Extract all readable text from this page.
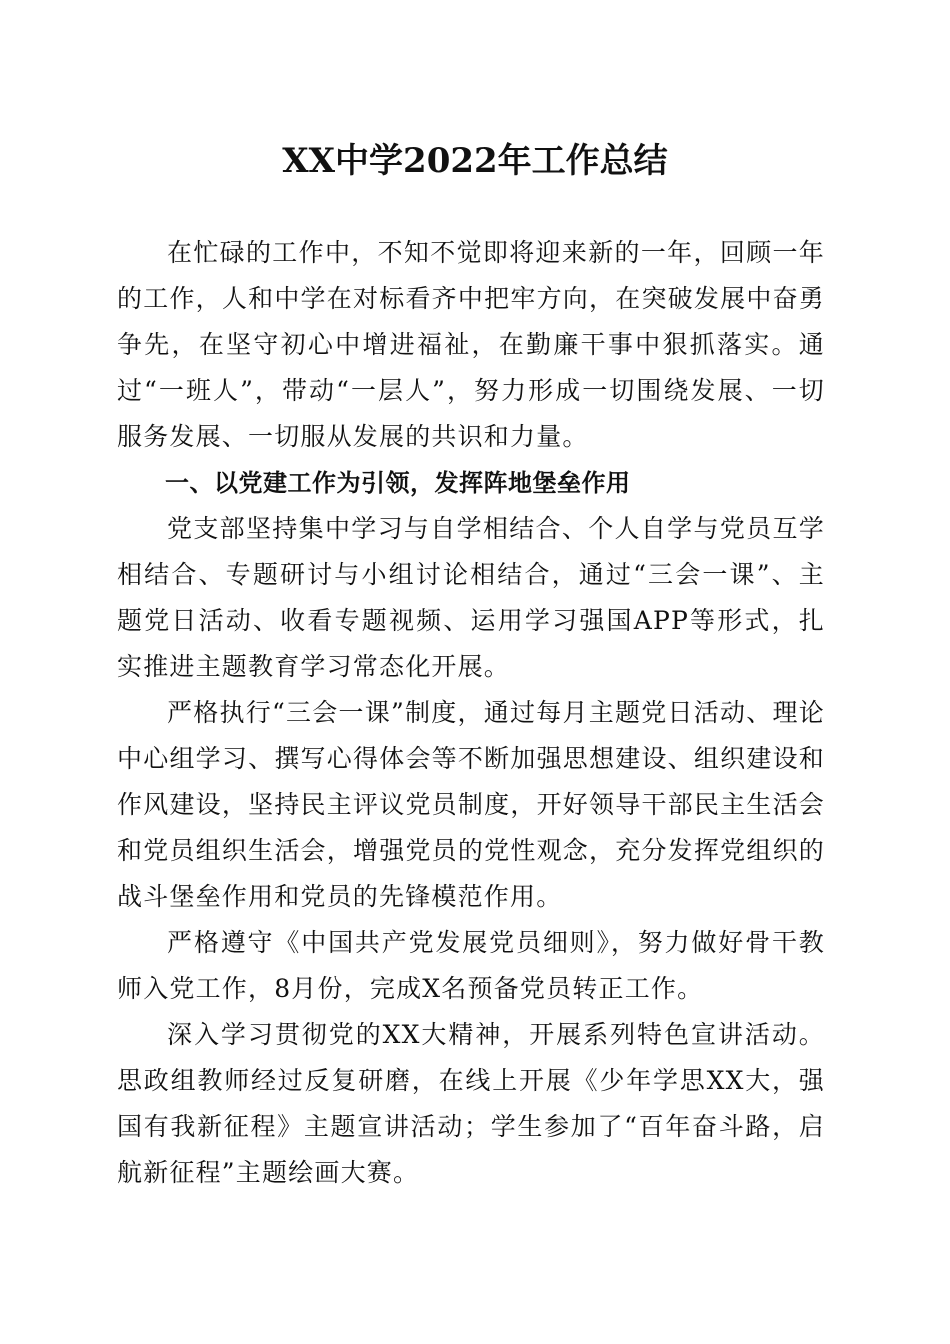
XX中学2022年工作总结

在忙碌的工作中，不知不觉即将迎来新的一年，回顾一年的工作，人和中学在对标看齐中把牢方向，在突破发展中奋勇争先，在坚守初心中增进福祉，在勤廉干事中狠抓落实。通过“一班人”，带动“一层人”，努力形成一切围绕发展、一切服务发展、一切服从发展的共识和力量。

一、以党建工作为引领，发挥阵地堡垒作用

党支部坚持集中学习与自学相结合、个人自学与党员互学相结合、专题研讨与小组讨论相结合，通过“三会一课”、主题党日活动、收看专题视频、运用学习强国APP等形式，扎实推进主题教育学习常态化开展。

严格执行“三会一课”制度，通过每月主题党日活动、理论中心组学习、撰写心得体会等不断加强思想建设、组织建设和作风建设，坚持民主评议党员制度，开好领导干部民主生活会和党员组织生活会，增强党员的党性观念，充分发挥党组织的战斗堡垒作用和党员的先锋模范作用。

严格遵守《中国共产党发展党员细则》，努力做好骨干教师入党工作，8月份，完成X名预备党员转正工作。

深入学习贯彻党的XX大精神，开展系列特色宣讲活动。思政组教师经过反复研磨，在线上开展《少年学思XX大，强国有我新征程》主题宣讲活动；学生参加了“百年奋斗路，启航新征程”主题绘画大赛。
